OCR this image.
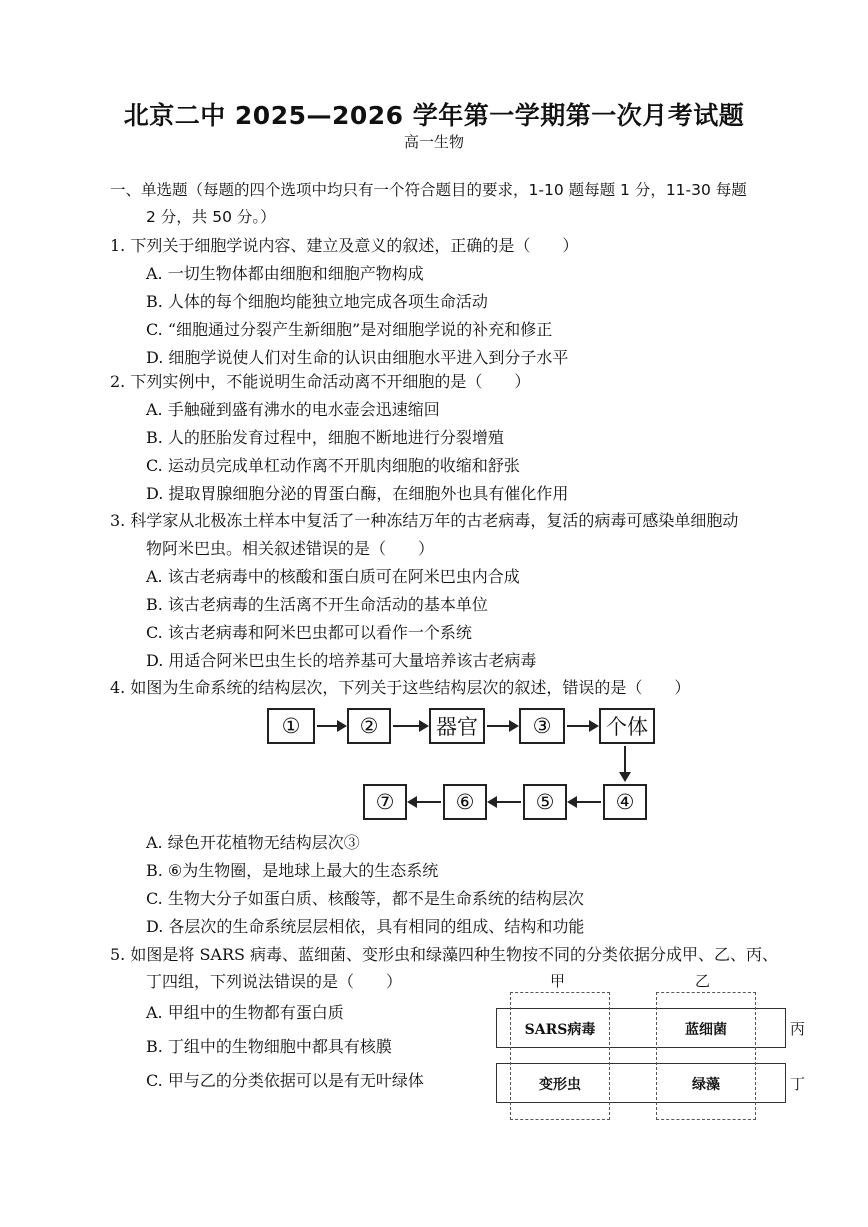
北京二中 2025—2026 学年第一学期第一次月考试题
高一生物
一、单选题（每题的四个选项中均只有一个符合题目的要求，1-10 题每题 1 分，11-30 每题
2 分，共 50 分。）
1. 下列关于细胞学说内容、建立及意义的叙述，正确的是（　　）
A. 一切生物体都由细胞和细胞产物构成
B. 人体的每个细胞均能独立地完成各项生命活动
C. “细胞通过分裂产生新细胞”是对细胞学说的补充和修正
D. 细胞学说使人们对生命的认识由细胞水平进入到分子水平
2. 下列实例中，不能说明生命活动离不开细胞的是（　　）
A. 手触碰到盛有沸水的电水壶会迅速缩回
B. 人的胚胎发育过程中，细胞不断地进行分裂增殖
C. 运动员完成单杠动作离不开肌肉细胞的收缩和舒张
D. 提取胃腺细胞分泌的胃蛋白酶，在细胞外也具有催化作用
3. 科学家从北极冻土样本中复活了一种冻结万年的古老病毒，复活的病毒可感染单细胞动
物阿米巴虫。相关叙述错误的是（　　）
A. 该古老病毒中的核酸和蛋白质可在阿米巴虫内合成
B. 该古老病毒的生活离不开生命活动的基本单位
C. 该古老病毒和阿米巴虫都可以看作一个系统
D. 用适合阿米巴虫生长的培养基可大量培养该古老病毒
4. 如图为生命系统的结构层次，下列关于这些结构层次的叙述，错误的是（　　）
①	②	器官	③	个体
⑦	⑥	⑤	④
A. 绿色开花植物无结构层次③
B. ⑥为生物圈，是地球上最大的生态系统
C. 生物大分子如蛋白质、核酸等，都不是生命系统的结构层次
D. 各层次的生命系统层层相依，具有相同的组成、结构和功能
5. 如图是将 SARS 病毒、蓝细菌、变形虫和绿藻四种生物按不同的分类依据分成甲、乙、丙、
丁四组，下列说法错误的是（　　）
A. 甲组中的生物都有蛋白质
B. 丁组中的生物细胞中都具有核膜
C. 甲与乙的分类依据可以是有无叶绿体
甲	乙
SARS病毒	蓝细菌
变形虫	绿藻
丙
丁
